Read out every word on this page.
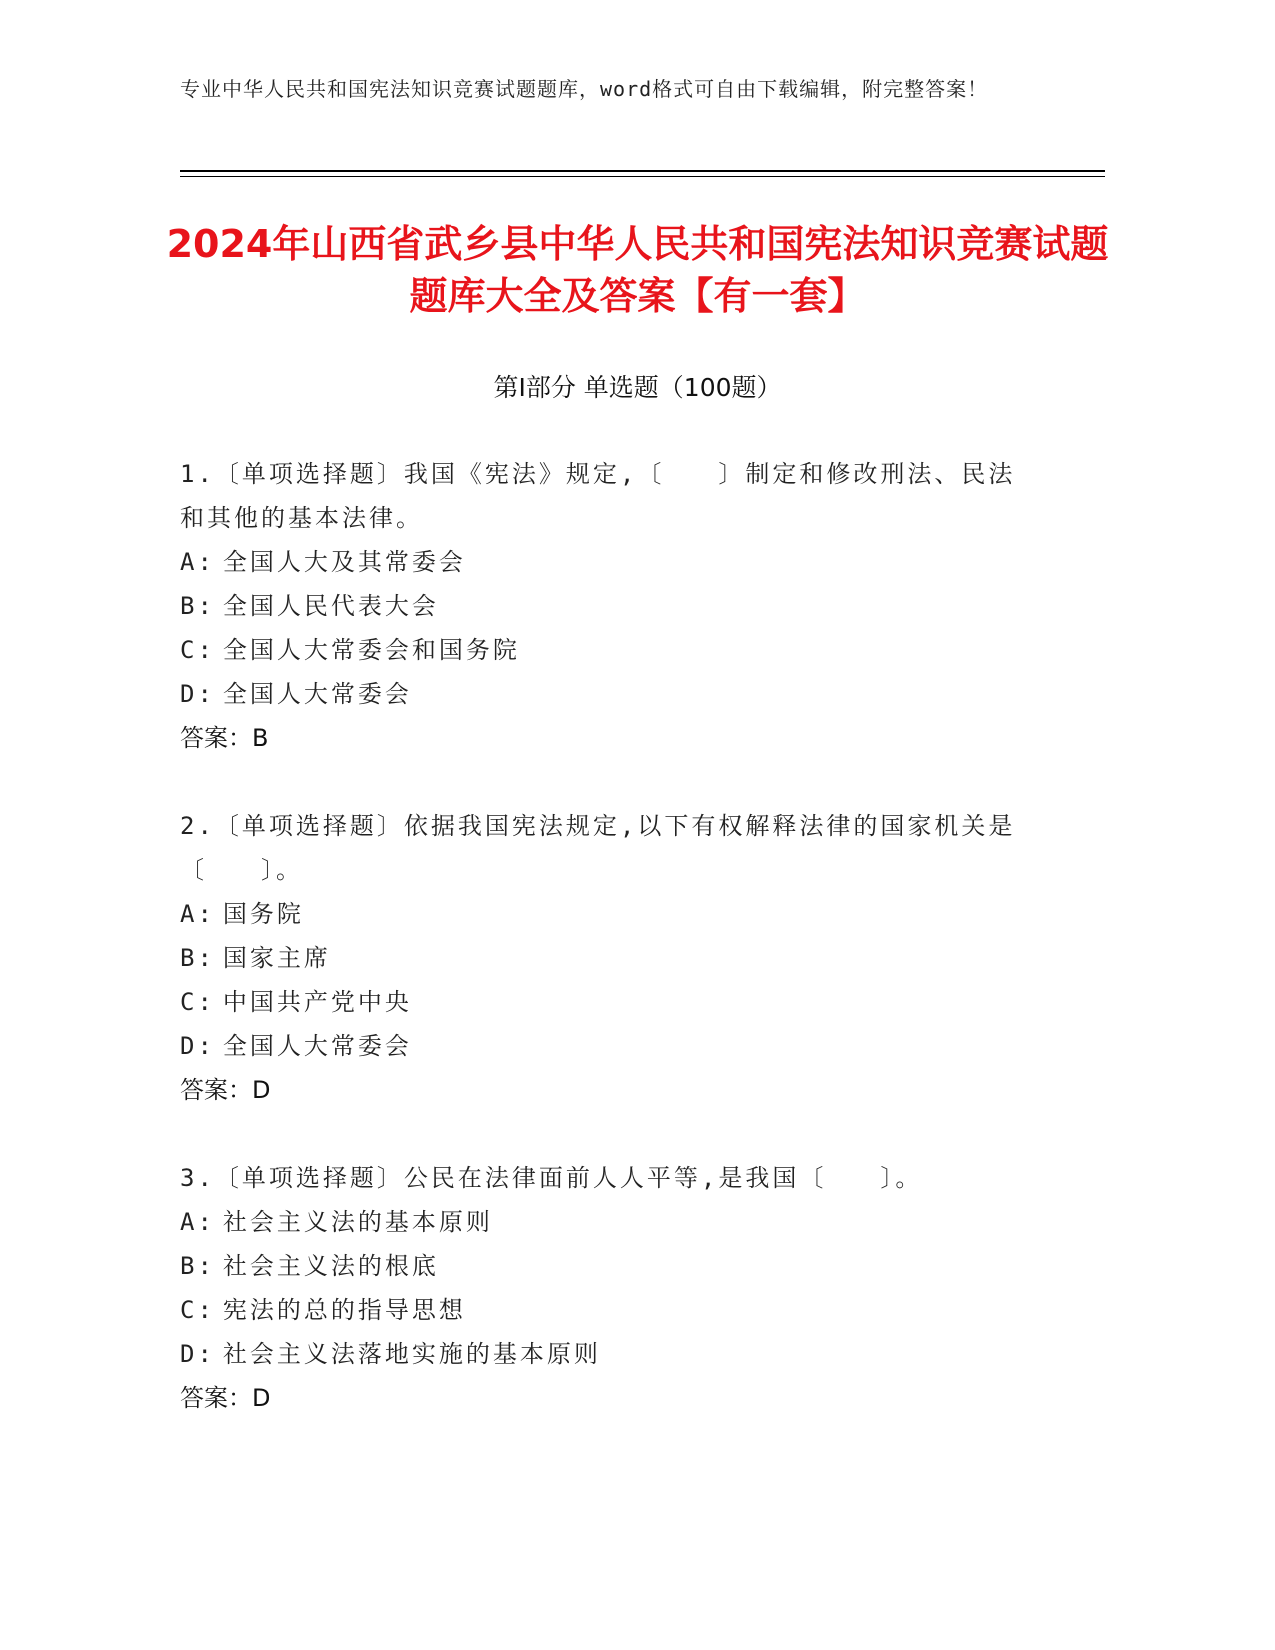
专业中华人民共和国宪法知识竞赛试题题库，word格式可自由下载编辑，附完整答案！
2024年山西省武乡县中华人民共和国宪法知识竞赛试题题库大全及答案【有一套】
第Ⅰ部分 单选题（100题）

1.〔单项选择题〕我国《宪法》规定,〔　　〕制定和修改刑法、民法和其他的基本法律。

A: 全国人大及其常委会

B: 全国人民代表大会

C: 全国人大常委会和国务院

D: 全国人大常委会

答案：B

2.〔单项选择题〕依据我国宪法规定,以下有权解释法律的国家机关是〔　　〕。

A: 国务院

B: 国家主席

C: 中国共产党中央

D: 全国人大常委会

答案：D

3.〔单项选择题〕公民在法律面前人人平等,是我国〔　　〕。

A: 社会主义法的基本原则

B: 社会主义法的根底

C: 宪法的总的指导思想

D: 社会主义法落地实施的基本原则

答案：D
